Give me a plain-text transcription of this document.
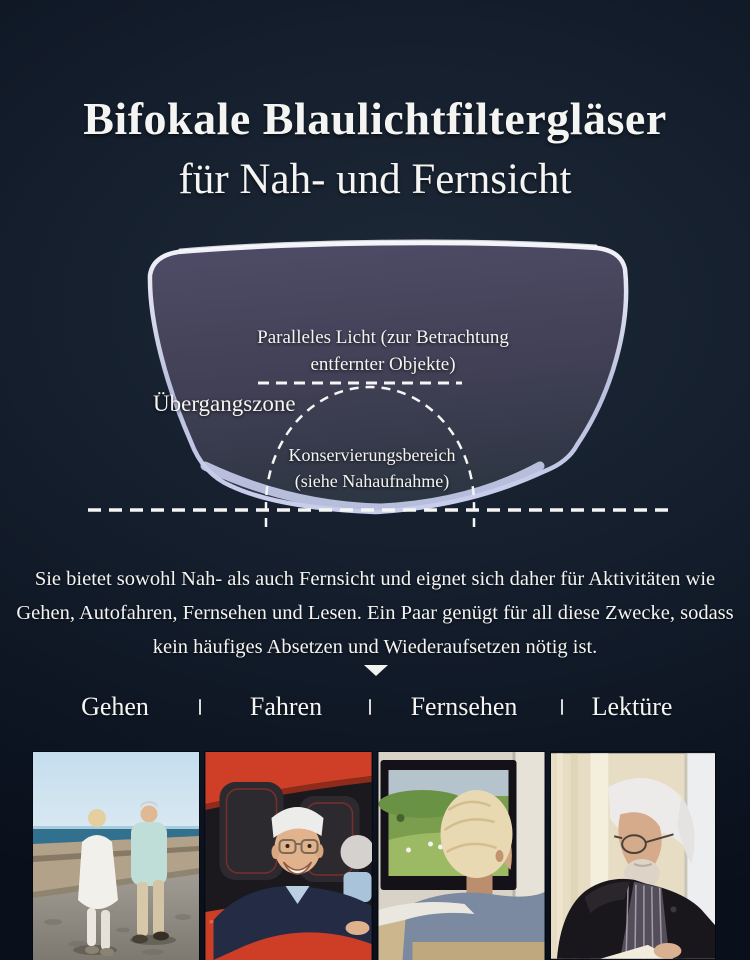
Bifokale Blaulichtfiltergläser
für Nah- und Fernsicht
Paralleles Licht (zur Betrachtung
entfernter Objekte)
Übergangszone
Konservierungsbereich
(siehe Nahaufnahme)
Sie bietet sowohl Nah- als auch Fernsicht und eignet sich daher für Aktivitäten wie
Gehen, Autofahren, Fernsehen und Lesen. Ein Paar genügt für all diese Zwecke, sodass
kein häufiges Absetzen und Wiederaufsetzen nötig ist.
Gehen	Fahren	Fernsehen	Lektüre
